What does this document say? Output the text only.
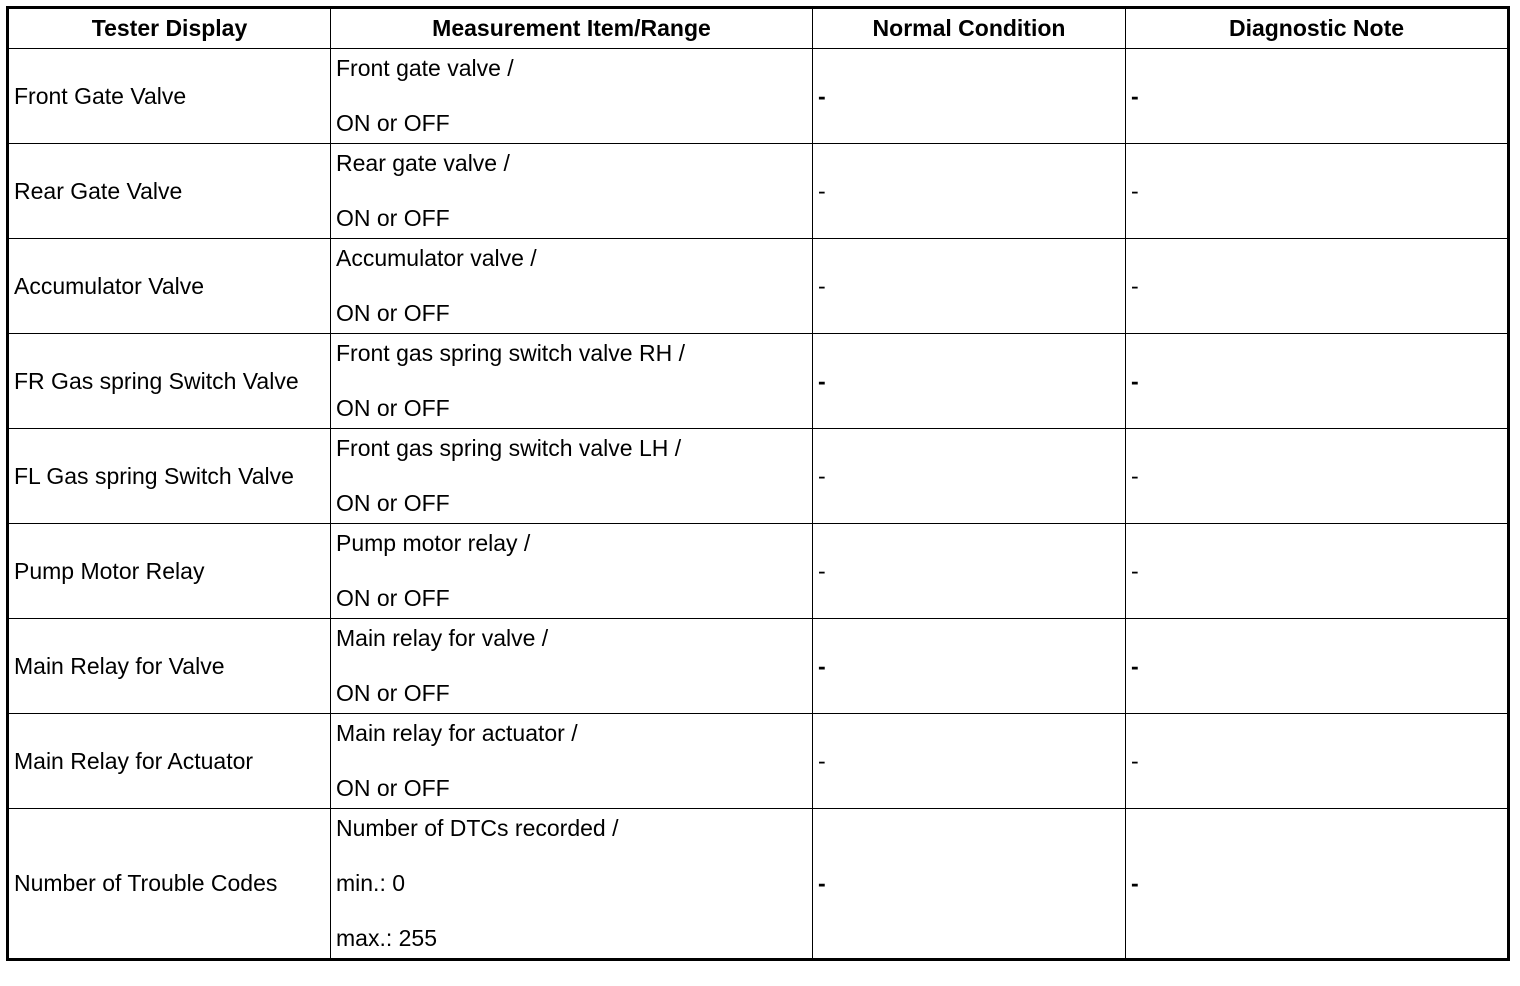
Tester Display	Measurement Item/Range	Normal Condition	Diagnostic Note
Front Gate Valve	Front gate valve /
ON or OFF	-	-
Rear Gate Valve	Rear gate valve /
ON or OFF	-	-
Accumulator Valve	Accumulator valve /
ON or OFF	-	-
FR Gas spring Switch Valve	Front gas spring switch valve RH /
ON or OFF	-	-
FL Gas spring Switch Valve	Front gas spring switch valve LH /
ON or OFF	-	-
Pump Motor Relay	Pump motor relay /
ON or OFF	-	-
Main Relay for Valve	Main relay for valve /
ON or OFF	-	-
Main Relay for Actuator	Main relay for actuator /
ON or OFF	-	-
Number of Trouble Codes	Number of DTCs recorded /
min.: 0
max.: 255	-	-
